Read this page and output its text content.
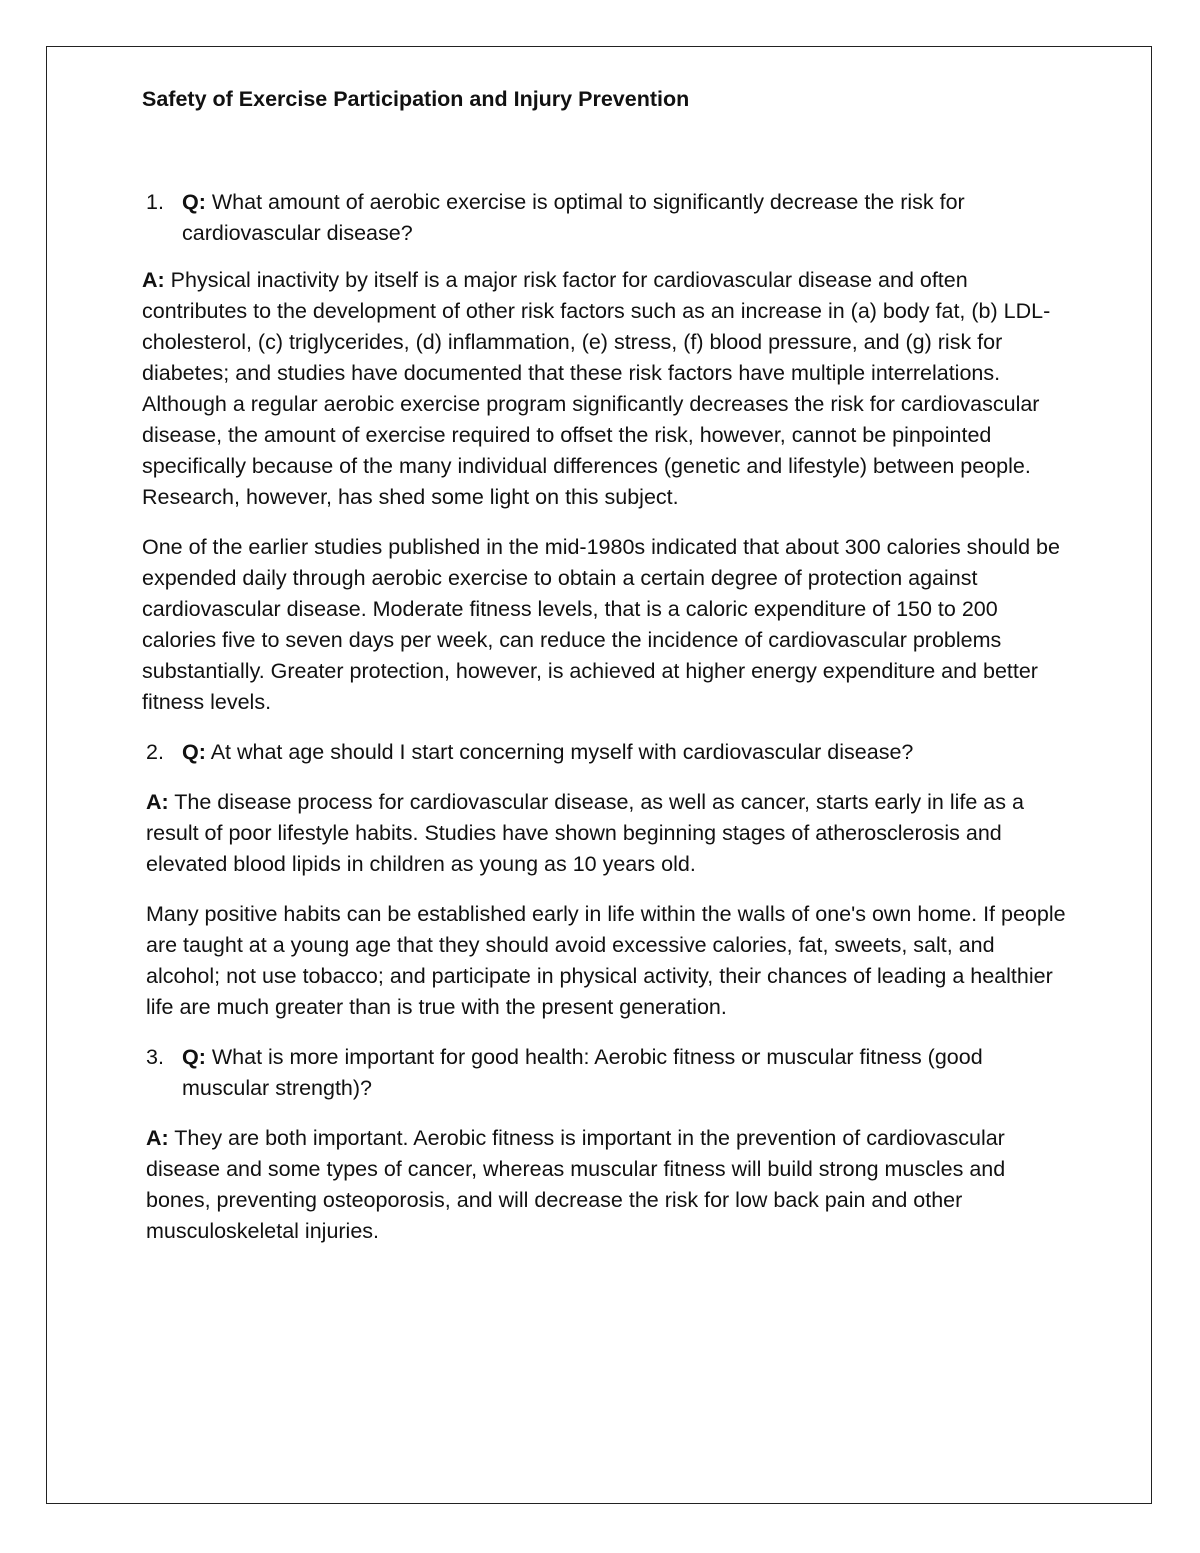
Safety of Exercise Participation and Injury Prevention

1. Q: What amount of aerobic exercise is optimal to significantly decrease the risk for cardiovascular disease?

A: Physical inactivity by itself is a major risk factor for cardiovascular disease and often contributes to the development of other risk factors such as an increase in (a) body fat, (b) LDL-cholesterol, (c) triglycerides, (d) inflammation, (e) stress, (f) blood pressure, and (g) risk for diabetes; and studies have documented that these risk factors have multiple interrelations.

Although a regular aerobic exercise program significantly decreases the risk for cardiovascular disease, the amount of exercise required to offset the risk, however, cannot be pinpointed specifically because of the many individual differences (genetic and lifestyle) between people. Research, however, has shed some light on this subject.

One of the earlier studies published in the mid-1980s indicated that about 300 calories should be expended daily through aerobic exercise to obtain a certain degree of protection against cardiovascular disease. Moderate fitness levels, that is a caloric expenditure of 150 to 200 calories five to seven days per week, can reduce the incidence of cardiovascular problems substantially. Greater protection, however, is achieved at higher energy expenditure and better fitness levels.

2. Q: At what age should I start concerning myself with cardiovascular disease?

A: The disease process for cardiovascular disease, as well as cancer, starts early in life as a result of poor lifestyle habits. Studies have shown beginning stages of atherosclerosis and elevated blood lipids in children as young as 10 years old.

Many positive habits can be established early in life within the walls of one's own home. If people are taught at a young age that they should avoid excessive calories, fat, sweets, salt, and alcohol; not use tobacco; and participate in physical activity, their chances of leading a healthier life are much greater than is true with the present generation.

3. Q: What is more important for good health: Aerobic fitness or muscular fitness (good muscular strength)?

A: They are both important. Aerobic fitness is important in the prevention of cardiovascular disease and some types of cancer, whereas muscular fitness will build strong muscles and bones, preventing osteoporosis, and will decrease the risk for low back pain and other musculoskeletal injuries.
